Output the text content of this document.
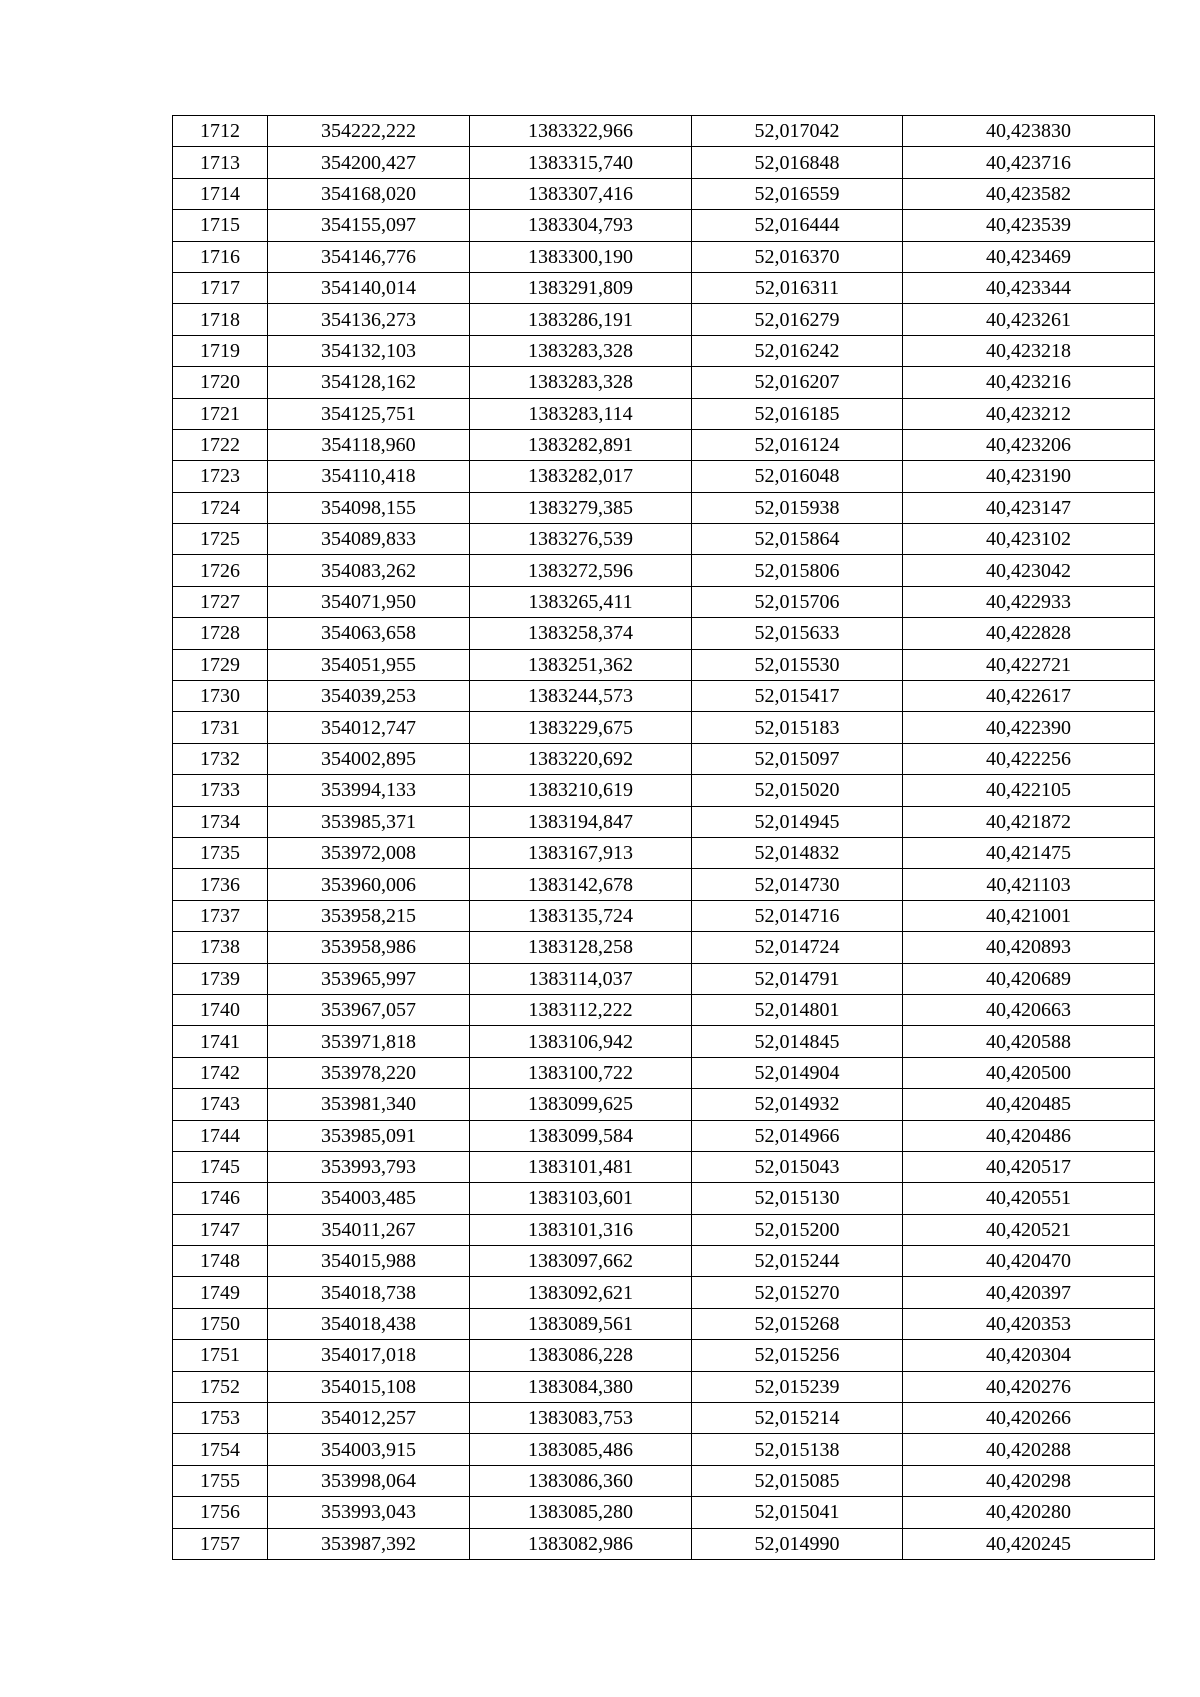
1712	354222,222	1383322,966	52,017042	40,423830
1713	354200,427	1383315,740	52,016848	40,423716
1714	354168,020	1383307,416	52,016559	40,423582
1715	354155,097	1383304,793	52,016444	40,423539
1716	354146,776	1383300,190	52,016370	40,423469
1717	354140,014	1383291,809	52,016311	40,423344
1718	354136,273	1383286,191	52,016279	40,423261
1719	354132,103	1383283,328	52,016242	40,423218
1720	354128,162	1383283,328	52,016207	40,423216
1721	354125,751	1383283,114	52,016185	40,423212
1722	354118,960	1383282,891	52,016124	40,423206
1723	354110,418	1383282,017	52,016048	40,423190
1724	354098,155	1383279,385	52,015938	40,423147
1725	354089,833	1383276,539	52,015864	40,423102
1726	354083,262	1383272,596	52,015806	40,423042
1727	354071,950	1383265,411	52,015706	40,422933
1728	354063,658	1383258,374	52,015633	40,422828
1729	354051,955	1383251,362	52,015530	40,422721
1730	354039,253	1383244,573	52,015417	40,422617
1731	354012,747	1383229,675	52,015183	40,422390
1732	354002,895	1383220,692	52,015097	40,422256
1733	353994,133	1383210,619	52,015020	40,422105
1734	353985,371	1383194,847	52,014945	40,421872
1735	353972,008	1383167,913	52,014832	40,421475
1736	353960,006	1383142,678	52,014730	40,421103
1737	353958,215	1383135,724	52,014716	40,421001
1738	353958,986	1383128,258	52,014724	40,420893
1739	353965,997	1383114,037	52,014791	40,420689
1740	353967,057	1383112,222	52,014801	40,420663
1741	353971,818	1383106,942	52,014845	40,420588
1742	353978,220	1383100,722	52,014904	40,420500
1743	353981,340	1383099,625	52,014932	40,420485
1744	353985,091	1383099,584	52,014966	40,420486
1745	353993,793	1383101,481	52,015043	40,420517
1746	354003,485	1383103,601	52,015130	40,420551
1747	354011,267	1383101,316	52,015200	40,420521
1748	354015,988	1383097,662	52,015244	40,420470
1749	354018,738	1383092,621	52,015270	40,420397
1750	354018,438	1383089,561	52,015268	40,420353
1751	354017,018	1383086,228	52,015256	40,420304
1752	354015,108	1383084,380	52,015239	40,420276
1753	354012,257	1383083,753	52,015214	40,420266
1754	354003,915	1383085,486	52,015138	40,420288
1755	353998,064	1383086,360	52,015085	40,420298
1756	353993,043	1383085,280	52,015041	40,420280
1757	353987,392	1383082,986	52,014990	40,420245
